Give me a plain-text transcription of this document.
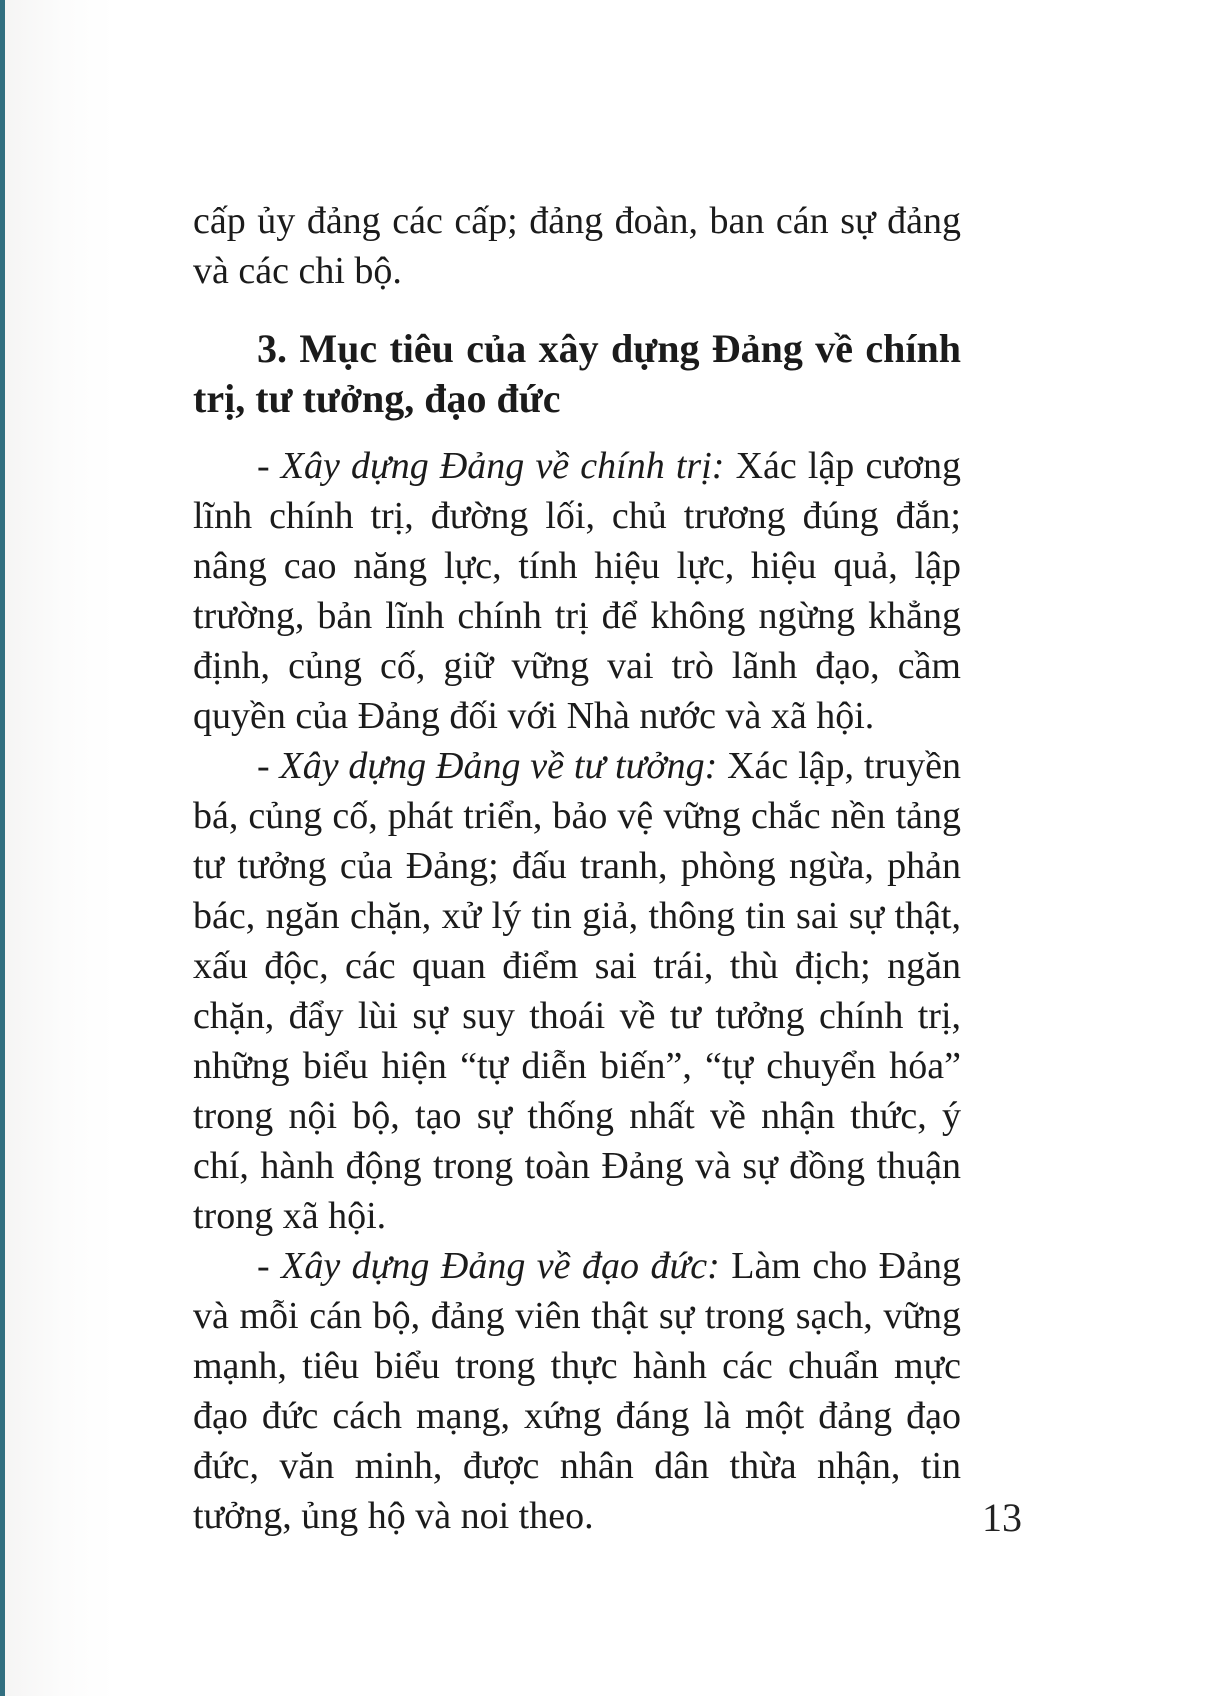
cấp ủy đảng các cấp; đảng đoàn, ban cán sự đảng và các chi bộ.

3. Mục tiêu của xây dựng Đảng về chính trị, tư tưởng, đạo đức

- Xây dựng Đảng về chính trị: Xác lập cương lĩnh chính trị, đường lối, chủ trương đúng đắn; nâng cao năng lực, tính hiệu lực, hiệu quả, lập trường, bản lĩnh chính trị để không ngừng khẳng định, củng cố, giữ vững vai trò lãnh đạo, cầm quyền của Đảng đối với Nhà nước và xã hội.

- Xây dựng Đảng về tư tưởng: Xác lập, truyền bá, củng cố, phát triển, bảo vệ vững chắc nền tảng tư tưởng của Đảng; đấu tranh, phòng ngừa, phản bác, ngăn chặn, xử lý tin giả, thông tin sai sự thật, xấu độc, các quan điểm sai trái, thù địch; ngăn chặn, đẩy lùi sự suy thoái về tư tưởng chính trị, những biểu hiện “tự diễn biến”, “tự chuyển hóa” trong nội bộ, tạo sự thống nhất về nhận thức, ý chí, hành động trong toàn Đảng và sự đồng thuận trong xã hội.

- Xây dựng Đảng về đạo đức: Làm cho Đảng và mỗi cán bộ, đảng viên thật sự trong sạch, vững mạnh, tiêu biểu trong thực hành các chuẩn mực đạo đức cách mạng, xứng đáng là một đảng đạo đức, văn minh, được nhân dân thừa nhận, tin tưởng, ủng hộ và noi theo.	13
